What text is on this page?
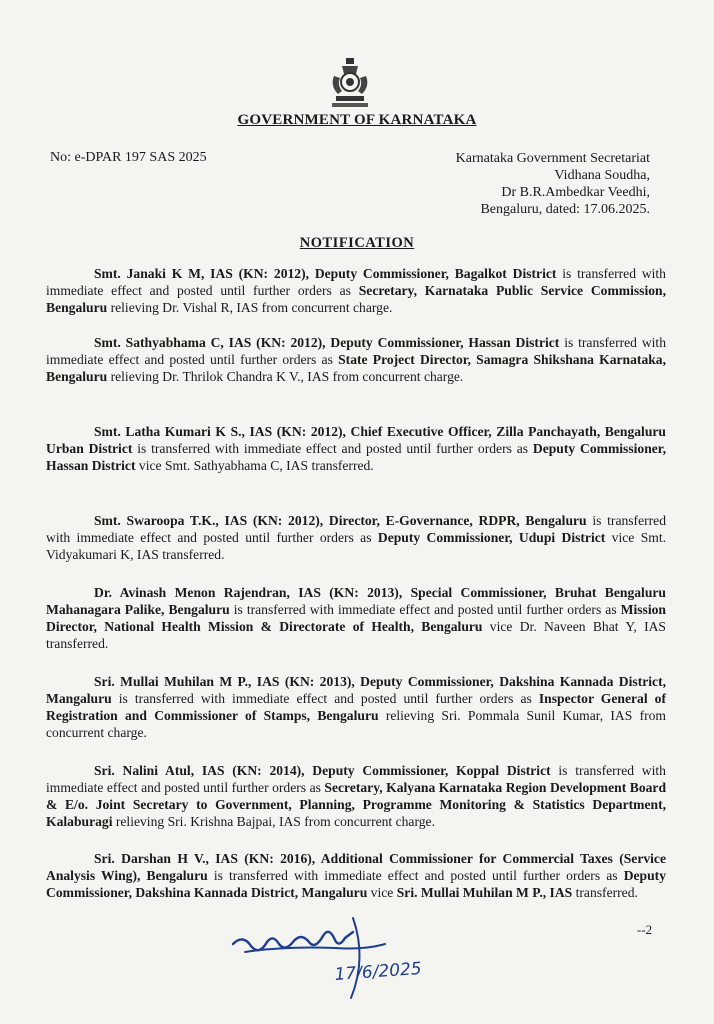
GOVERNMENT OF KARNATAKA
No: e-DPAR 197 SAS 2025	Karnataka Government Secretariat
Vidhana Soudha,
Dr B.R.Ambedkar Veedhi,
Bengaluru, dated: 17.06.2025.
NOTIFICATION

Smt. Janaki K M, IAS (KN: 2012), Deputy Commissioner, Bagalkot District is transferred with immediate effect and posted until further orders as Secretary, Karnataka Public Service Commission, Bengaluru relieving Dr. Vishal R, IAS from concurrent charge.

Smt. Sathyabhama C, IAS (KN: 2012), Deputy Commissioner, Hassan District is transferred with immediate effect and posted until further orders as State Project Director, Samagra Shikshana Karnataka, Bengaluru relieving Dr. Thrilok Chandra K V., IAS from concurrent charge.

Smt. Latha Kumari K S., IAS (KN: 2012), Chief Executive Officer, Zilla Panchayath, Bengaluru Urban District is transferred with immediate effect and posted until further orders as Deputy Commissioner, Hassan District vice Smt. Sathyabhama C, IAS transferred.

Smt. Swaroopa T.K., IAS (KN: 2012), Director, E-Governance, RDPR, Bengaluru is transferred with immediate effect and posted until further orders as Deputy Commissioner, Udupi District vice Smt. Vidyakumari K, IAS transferred.

Dr. Avinash Menon Rajendran, IAS (KN: 2013), Special Commissioner, Bruhat Bengaluru Mahanagara Palike, Bengaluru is transferred with immediate effect and posted until further orders as Mission Director, National Health Mission & Directorate of Health, Bengaluru vice Dr. Naveen Bhat Y, IAS transferred.

Sri. Mullai Muhilan M P., IAS (KN: 2013), Deputy Commissioner, Dakshina Kannada District, Mangaluru is transferred with immediate effect and posted until further orders as Inspector General of Registration and Commissioner of Stamps, Bengaluru relieving Sri. Pommala Sunil Kumar, IAS from concurrent charge.

Sri. Nalini Atul, IAS (KN: 2014), Deputy Commissioner, Koppal District is transferred with immediate effect and posted until further orders as Secretary, Kalyana Karnataka Region Development Board & E/o. Joint Secretary to Government, Planning, Programme Monitoring & Statistics Department, Kalaburagi relieving Sri. Krishna Bajpai, IAS from concurrent charge.

Sri. Darshan H V., IAS (KN: 2016), Additional Commissioner for Commercial Taxes (Service Analysis Wing), Bengaluru is transferred with immediate effect and posted until further orders as Deputy Commissioner, Dakshina Kannada District, Mangaluru vice Sri. Mullai Muhilan M P., IAS transferred.

17/6/2025
--2
